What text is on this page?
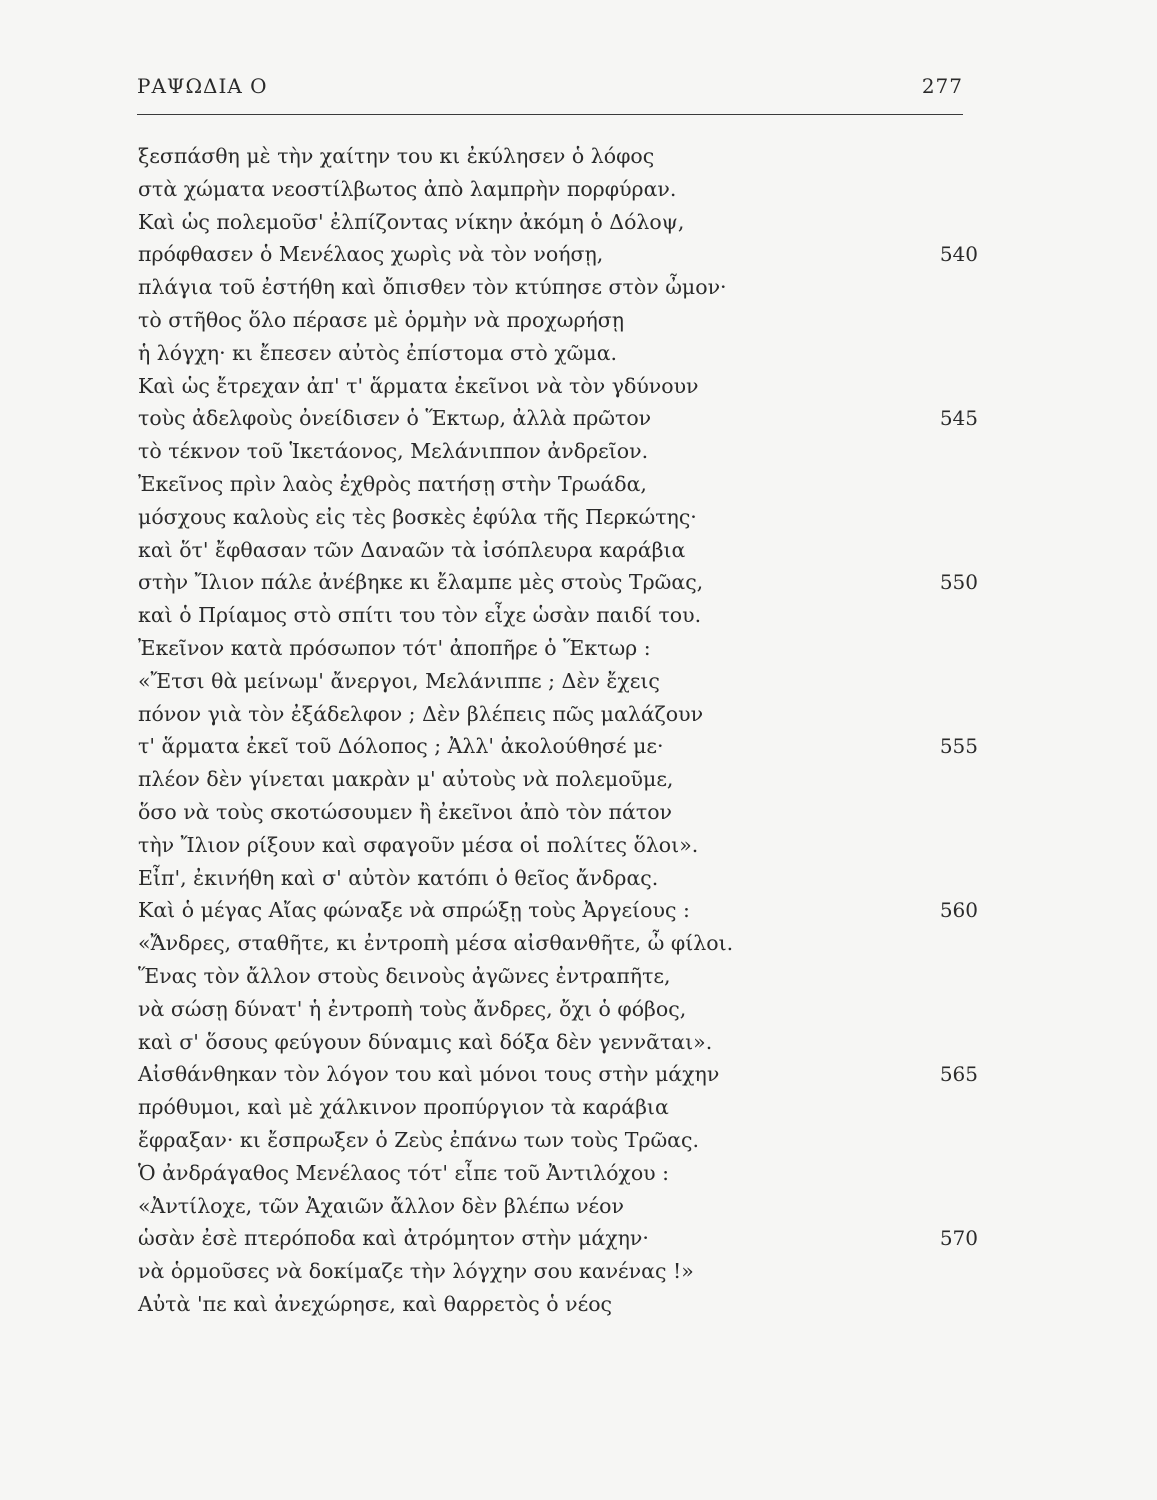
ΡΑΨΩΔΙΑ Ο	277
ξεσπάσθη μὲ τὴν χαίτην του κι ἐκύλησεν ὁ λόφος
στὰ χώματα νεοστίλβωτος ἀπὸ λαμπρὴν πορφύραν.
Καὶ ὡς πολεμοῦσ' ἐλπίζοντας νίκην ἀκόμη ὁ Δόλοψ,
πρόφθασεν ὁ Μενέλαος χωρὶς νὰ τὸν νοήσῃ,	540
πλάγια τοῦ ἐστήθη καὶ ὄπισθεν τὸν κτύπησε στὸν ὦμον·
τὸ στῆθος ὅλο πέρασε μὲ ὁρμὴν νὰ προχωρήσῃ
ἡ λόγχη· κι ἔπεσεν αὐτὸς ἐπίστομα στὸ χῶμα.
Καὶ ὡς ἔτρεχαν ἀπ' τ' ἅρματα ἐκεῖνοι νὰ τὸν γδύνουν
τοὺς ἀδελφοὺς ὀνείδισεν ὁ Ἕκτωρ, ἀλλὰ πρῶτον	545
τὸ τέκνον τοῦ Ἱκετάονος, Μελάνιππον ἀνδρεῖον.
Ἐκεῖνος πρὶν λαὸς ἐχθρὸς πατήσῃ στὴν Τρωάδα,
μόσχους καλοὺς εἰς τὲς βοσκὲς ἐφύλα τῆς Περκώτης·
καὶ ὅτ' ἔφθασαν τῶν Δαναῶν τὰ ἰσόπλευρα καράβια
στὴν Ἴλιον πάλε ἀνέβηκε κι ἔλαμπε μὲς στοὺς Τρῶας,	550
καὶ ὁ Πρίαμος στὸ σπίτι του τὸν εἶχε ὡσὰν παιδί του.
Ἐκεῖνον κατὰ πρόσωπον τότ' ἀποπῆρε ὁ Ἕκτωρ :
«Ἔτσι θὰ μείνωμ' ἄνεργοι, Μελάνιππε ; Δὲν ἔχεις
πόνον γιὰ τὸν ἐξάδελφον ; Δὲν βλέπεις πῶς μαλάζουν
τ' ἅρματα ἐκεῖ τοῦ Δόλοπος ; Ἀλλ' ἀκολούθησέ με·	555
πλέον δὲν γίνεται μακρὰν μ' αὐτοὺς νὰ πολεμοῦμε,
ὅσο νὰ τοὺς σκοτώσουμεν ἢ ἐκεῖνοι ἀπὸ τὸν πάτον
τὴν Ἴλιον ρίξουν καὶ σφαγοῦν μέσα οἱ πολίτες ὅλοι».
Εἶπ', ἐκινήθη καὶ σ' αὐτὸν κατόπι ὁ θεῖος ἄνδρας.
Καὶ ὁ μέγας Αἴας φώναξε νὰ σπρώξῃ τοὺς Ἀργείους :	560
«Ἄνδρες, σταθῆτε, κι ἐντροπὴ μέσα αἰσθανθῆτε, ὦ φίλοι.
Ἕνας τὸν ἄλλον στοὺς δεινοὺς ἀγῶνες ἐντραπῆτε,
νὰ σώσῃ δύνατ' ἡ ἐντροπὴ τοὺς ἄνδρες, ὄχι ὁ φόβος,
καὶ σ' ὅσους φεύγουν δύναμις καὶ δόξα δὲν γεννᾶται».
Αἰσθάνθηκαν τὸν λόγον του καὶ μόνοι τους στὴν μάχην	565
πρόθυμοι, καὶ μὲ χάλκινον προπύργιον τὰ καράβια
ἔφραξαν· κι ἔσπρωξεν ὁ Ζεὺς ἐπάνω των τοὺς Τρῶας.
Ὁ ἀνδράγαθος Μενέλαος τότ' εἶπε τοῦ Ἀντιλόχου :
«Ἀντίλοχε, τῶν Ἀχαιῶν ἄλλον δὲν βλέπω νέον
ὡσὰν ἐσὲ πτερόποδα καὶ ἀτρόμητον στὴν μάχην·	570
νὰ ὁρμοῦσες νὰ δοκίμαζε τὴν λόγχην σου κανένας !»
Αὐτὰ 'πε καὶ ἀνεχώρησε, καὶ θαρρετὸς ὁ νέος
